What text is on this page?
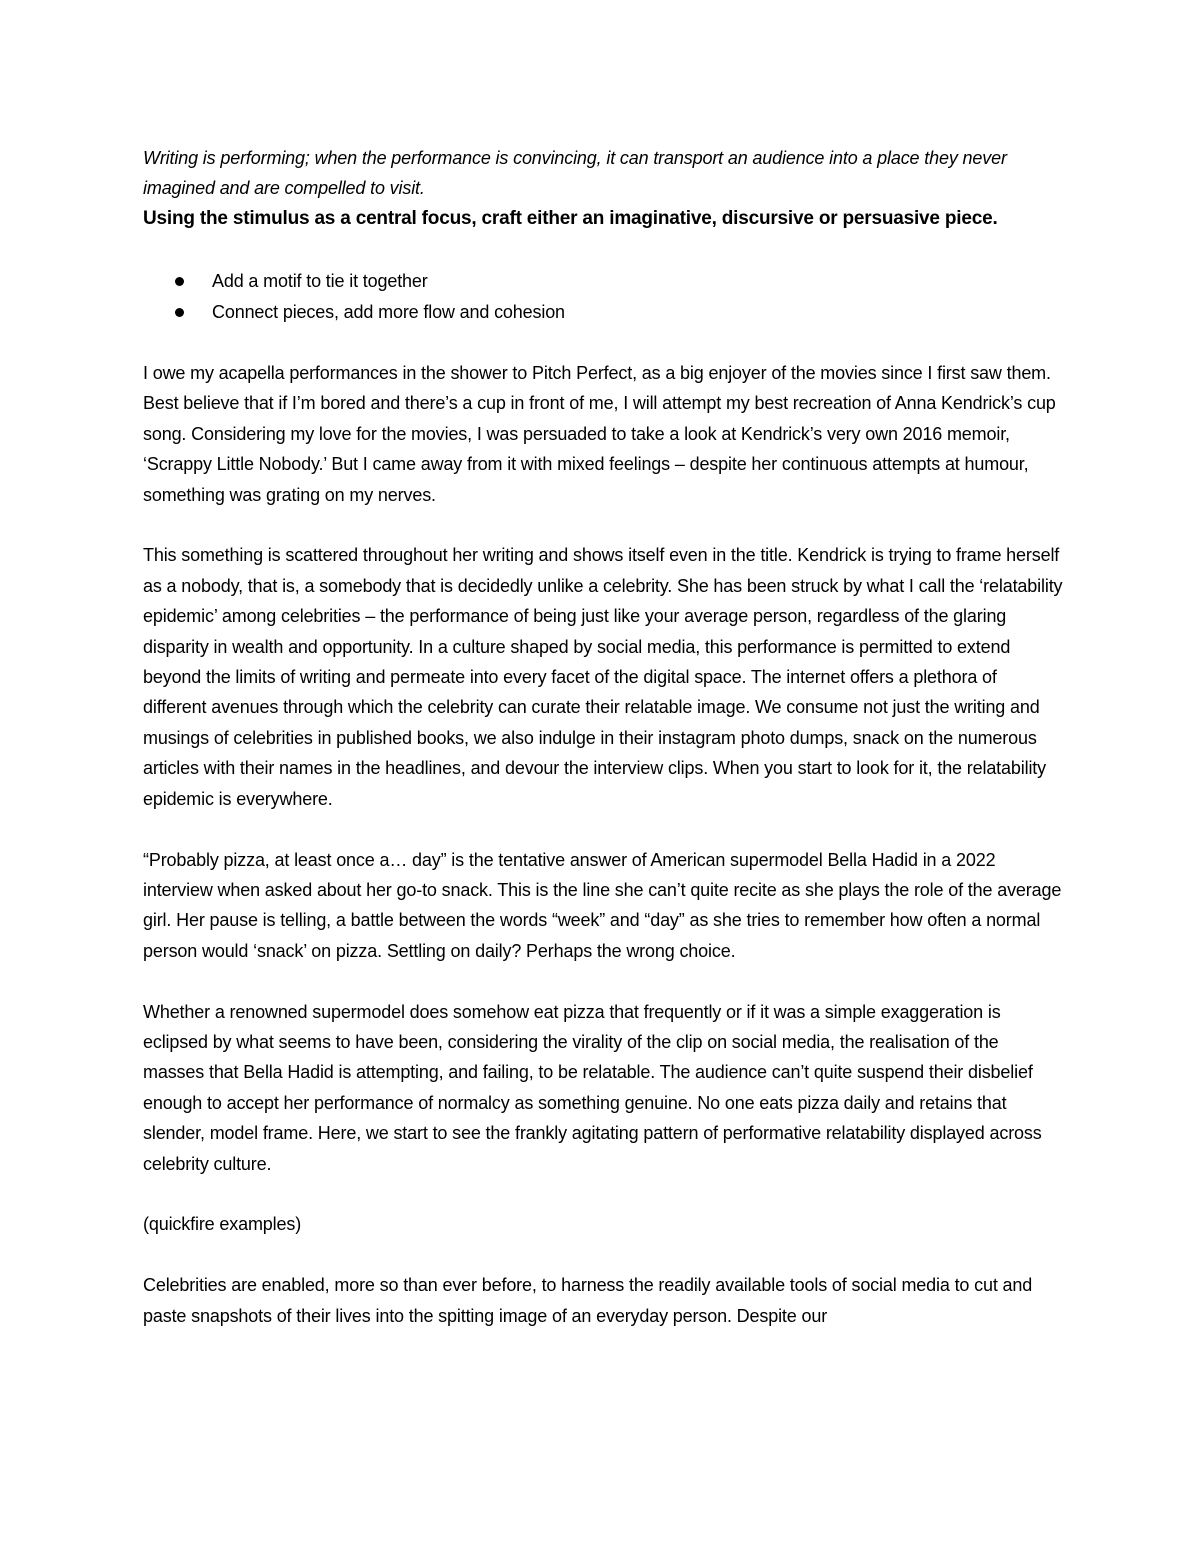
Writing is performing; when the performance is convincing, it can transport an audience into a place they never imagined and are compelled to visit.

Using the stimulus as a central focus, craft either an imaginative, discursive or persuasive piece.

Add a motif to tie it together
Connect pieces, add more flow and cohesion

I owe my acapella performances in the shower to Pitch Perfect, as a big enjoyer of the movies since I first saw them. Best believe that if I’m bored and there’s a cup in front of me, I will attempt my best recreation of Anna Kendrick’s cup song. Considering my love for the movies, I was persuaded to take a look at Kendrick’s very own 2016 memoir, ‘Scrappy Little Nobody.’ But I came away from it with mixed feelings – despite her continuous attempts at humour, something was grating on my nerves.

This something is scattered throughout her writing and shows itself even in the title. Kendrick is trying to frame herself as a nobody, that is, a somebody that is decidedly unlike a celebrity. She has been struck by what I call the ‘relatability epidemic’ among celebrities – the performance of being just like your average person, regardless of the glaring disparity in wealth and opportunity. In a culture shaped by social media, this performance is permitted to extend beyond the limits of writing and permeate into every facet of the digital space. The internet offers a plethora of different avenues through which the celebrity can curate their relatable image. We consume not just the writing and musings of celebrities in published books, we also indulge in their instagram photo dumps, snack on the numerous articles with their names in the headlines, and devour the interview clips. When you start to look for it, the relatability epidemic is everywhere.

“Probably pizza, at least once a… day” is the tentative answer of American supermodel Bella Hadid in a 2022 interview when asked about her go-to snack. This is the line she can’t quite recite as she plays the role of the average girl. Her pause is telling, a battle between the words “week” and “day” as she tries to remember how often a normal person would ‘snack’ on pizza. Settling on daily? Perhaps the wrong choice.

Whether a renowned supermodel does somehow eat pizza that frequently or if it was a simple exaggeration is eclipsed by what seems to have been, considering the virality of the clip on social media, the realisation of the masses that Bella Hadid is attempting, and failing, to be relatable. The audience can’t quite suspend their disbelief enough to accept her performance of normalcy as something genuine. No one eats pizza daily and retains that slender, model frame. Here, we start to see the frankly agitating pattern of performative relatability displayed across celebrity culture.

(quickfire examples)

Celebrities are enabled, more so than ever before, to harness the readily available tools of social media to cut and paste snapshots of their lives into the spitting image of an everyday person. Despite our
